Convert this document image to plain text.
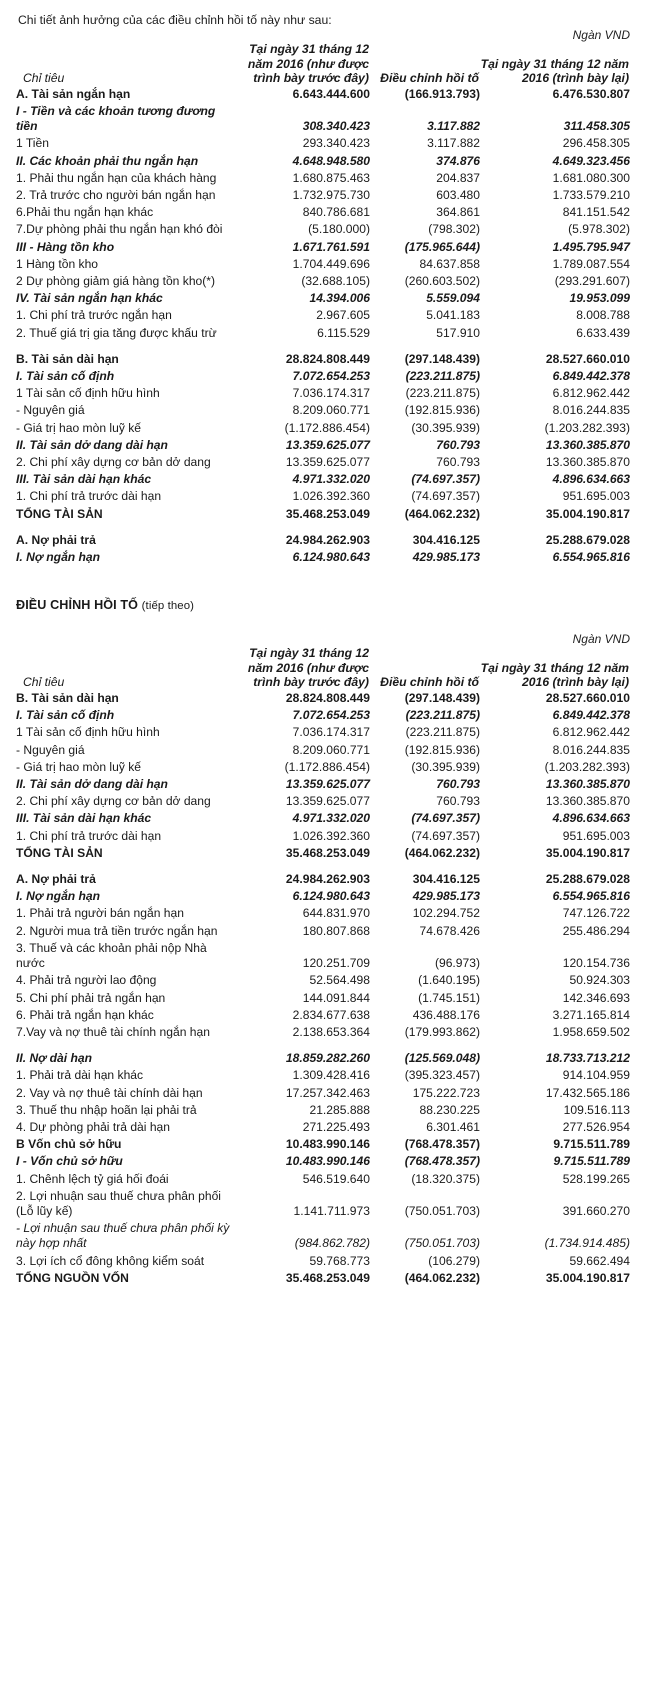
Chi tiết ảnh hưởng của các điều chỉnh hồi tố này như sau:
			Ngàn VND
Chỉ tiêu	Tại ngày 31 tháng 12 năm 2016 (như được trình bày trước đây)	Điều chỉnh hồi tố	Tại ngày 31 tháng 12 năm 2016 (trình bày lại)
A. Tài sản ngắn hạn	6.643.444.600	(166.913.793)	6.476.530.807
I - Tiền và các khoản tương đương tiền	308.340.423	3.117.882	311.458.305
1 Tiền	293.340.423	3.117.882	296.458.305
II. Các khoản phải thu ngắn hạn	4.648.948.580	374.876	4.649.323.456
1. Phải thu ngắn hạn của khách hàng	1.680.875.463	204.837	1.681.080.300
2. Trả trước cho người bán ngắn hạn	1.732.975.730	603.480	1.733.579.210
6.Phải thu ngắn hạn khác	840.786.681	364.861	841.151.542
7.Dự phòng phải thu ngắn hạn khó đòi	(5.180.000)	(798.302)	(5.978.302)
III - Hàng tồn kho	1.671.761.591	(175.965.644)	1.495.795.947
1 Hàng tồn kho	1.704.449.696	84.637.858	1.789.087.554
2 Dự phòng giảm giá hàng tồn kho(*)	(32.688.105)	(260.603.502)	(293.291.607)
IV. Tài sản ngắn hạn khác	14.394.006	5.559.094	19.953.099
1. Chi phí trả trước ngắn hạn	2.967.605	5.041.183	8.008.788
2. Thuế giá trị gia tăng được khấu trừ	6.115.529	517.910	6.633.439

B. Tài sản dài hạn	28.824.808.449	(297.148.439)	28.527.660.010
I. Tài sản cố định	7.072.654.253	(223.211.875)	6.849.442.378
1 Tài sản cố định hữu hình	7.036.174.317	(223.211.875)	6.812.962.442
- Nguyên giá	8.209.060.771	(192.815.936)	8.016.244.835
- Giá trị hao mòn luỹ kế	(1.172.886.454)	(30.395.939)	(1.203.282.393)
II. Tài sản dở dang dài hạn	13.359.625.077	760.793	13.360.385.870
2. Chi phí xây dựng cơ bản dở dang	13.359.625.077	760.793	13.360.385.870
III. Tài sản dài hạn khác	4.971.332.020	(74.697.357)	4.896.634.663
1. Chi phí trả trước dài hạn	1.026.392.360	(74.697.357)	951.695.003
TỔNG TÀI SẢN	35.468.253.049	(464.062.232)	35.004.190.817

A. Nợ phải trả	24.984.262.903	304.416.125	25.288.679.028
I. Nợ ngắn hạn	6.124.980.643	429.985.173	6.554.965.816
ĐIỀU CHỈNH HỒI TỐ (tiếp theo)
			Ngàn VND
Chỉ tiêu	Tại ngày 31 tháng 12 năm 2016 (như được trình bày trước đây)	Điều chỉnh hồi tố	Tại ngày 31 tháng 12 năm 2016 (trình bày lại)
B. Tài sản dài hạn	28.824.808.449	(297.148.439)	28.527.660.010
I. Tài sản cố định	7.072.654.253	(223.211.875)	6.849.442.378
1 Tài sản cố định hữu hình	7.036.174.317	(223.211.875)	6.812.962.442
- Nguyên giá	8.209.060.771	(192.815.936)	8.016.244.835
- Giá trị hao mòn luỹ kế	(1.172.886.454)	(30.395.939)	(1.203.282.393)
II. Tài sản dở dang dài hạn	13.359.625.077	760.793	13.360.385.870
2. Chi phí xây dựng cơ bản dở dang	13.359.625.077	760.793	13.360.385.870
III. Tài sản dài hạn khác	4.971.332.020	(74.697.357)	4.896.634.663
1. Chi phí trả trước dài hạn	1.026.392.360	(74.697.357)	951.695.003
TỔNG TÀI SẢN	35.468.253.049	(464.062.232)	35.004.190.817

A. Nợ phải trả	24.984.262.903	304.416.125	25.288.679.028
I. Nợ ngắn hạn	6.124.980.643	429.985.173	6.554.965.816
1. Phải trả người bán ngắn hạn	644.831.970	102.294.752	747.126.722
2. Người mua trả tiền trước ngắn hạn	180.807.868	74.678.426	255.486.294
3. Thuế và các khoản phải nộp Nhà nước	120.251.709	(96.973)	120.154.736
4. Phải trả người lao động	52.564.498	(1.640.195)	50.924.303
5. Chi phí phải trả ngắn hạn	144.091.844	(1.745.151)	142.346.693
6. Phải trả ngắn hạn khác	2.834.677.638	436.488.176	3.271.165.814
7.Vay và nợ thuê tài chính ngắn hạn	2.138.653.364	(179.993.862)	1.958.659.502

II. Nợ dài hạn	18.859.282.260	(125.569.048)	18.733.713.212
1. Phải trả dài hạn khác	1.309.428.416	(395.323.457)	914.104.959
2. Vay và nợ thuê tài chính dài hạn	17.257.342.463	175.222.723	17.432.565.186
3. Thuế thu nhập hoãn lại phải trả	21.285.888	88.230.225	109.516.113
4. Dự phòng phải trả dài hạn	271.225.493	6.301.461	277.526.954
B Vốn chủ sở hữu	10.483.990.146	(768.478.357)	9.715.511.789
I - Vốn chủ sở hữu	10.483.990.146	(768.478.357)	9.715.511.789
1. Chênh lệch tỷ giá hối đoái	546.519.640	(18.320.375)	528.199.265
2. Lợi nhuận sau thuế chưa phân phối (Lỗ lũy kế)	1.141.711.973	(750.051.703)	391.660.270
- Lợi nhuận sau thuế chưa phân phối kỳ này hợp nhất	(984.862.782)	(750.051.703)	(1.734.914.485)
3. Lợi ích cổ đông không kiểm soát	59.768.773	(106.279)	59.662.494
TỔNG NGUỒN VỐN	35.468.253.049	(464.062.232)	35.004.190.817
